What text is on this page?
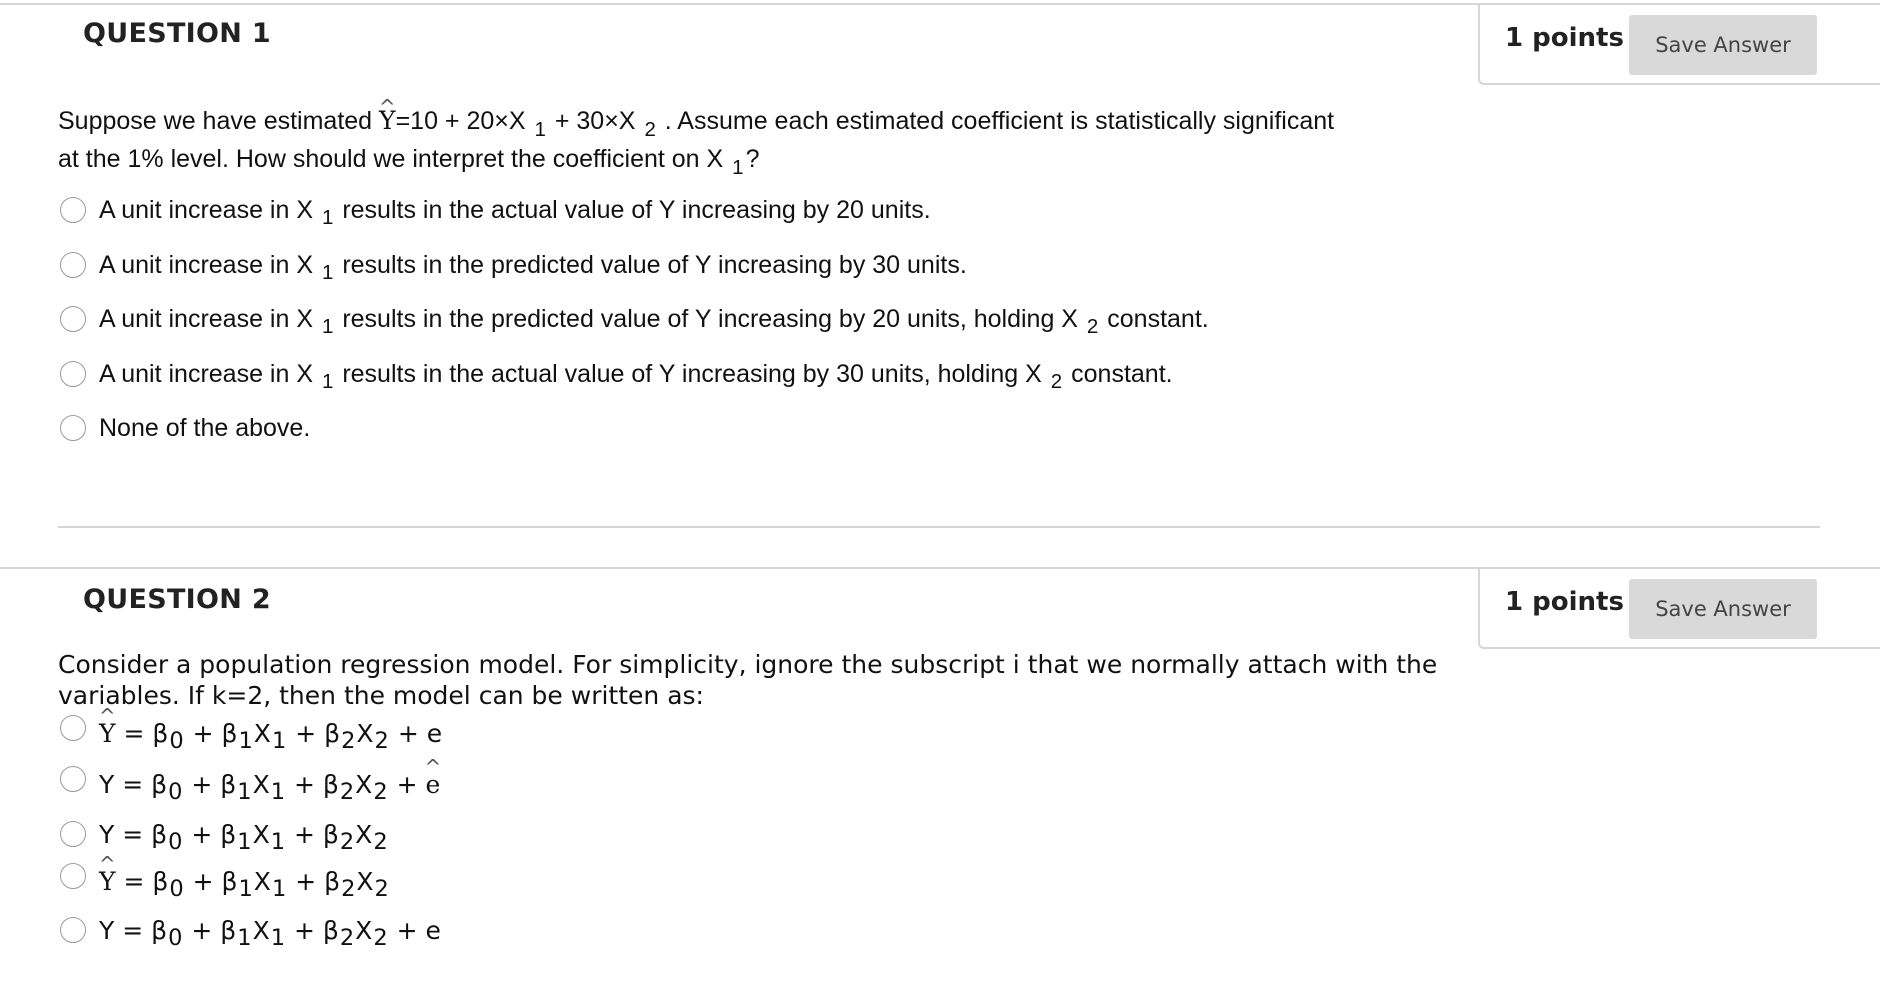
QUESTION 1	1 points	Save Answer
Suppose we have estimated ^ Y=10 + 20×X $_1$ + 30×X $_2$ . Assume each estimated coefficient is statistically significant
at the 1% level. How should we interpret the coefficient on X $_1$?
A unit increase in X $_1$ results in the actual value of Y increasing by 20 units.
A unit increase in X $_1$ results in the predicted value of Y increasing by 30 units.
A unit increase in X $_1$ results in the predicted value of Y increasing by 20 units, holding X $_2$ constant.
A unit increase in X $_1$ results in the actual value of Y increasing by 30 units, holding X $_2$ constant.
None of the above.
QUESTION 2	1 points	Save Answer
Consider a population regression model. For simplicity, ignore the subscript i that we normally attach with the
variables. If k=2, then the model can be written as:
^ Y = β0 + β1X1 + β2X2 + e
Y = β0 + β1X1 + β2X2 + ^ e
Y = β0 + β1X1 + β2X2
^ Y = β0 + β1X1 + β2X2
Y = β0 + β1X1 + β2X2 + e
